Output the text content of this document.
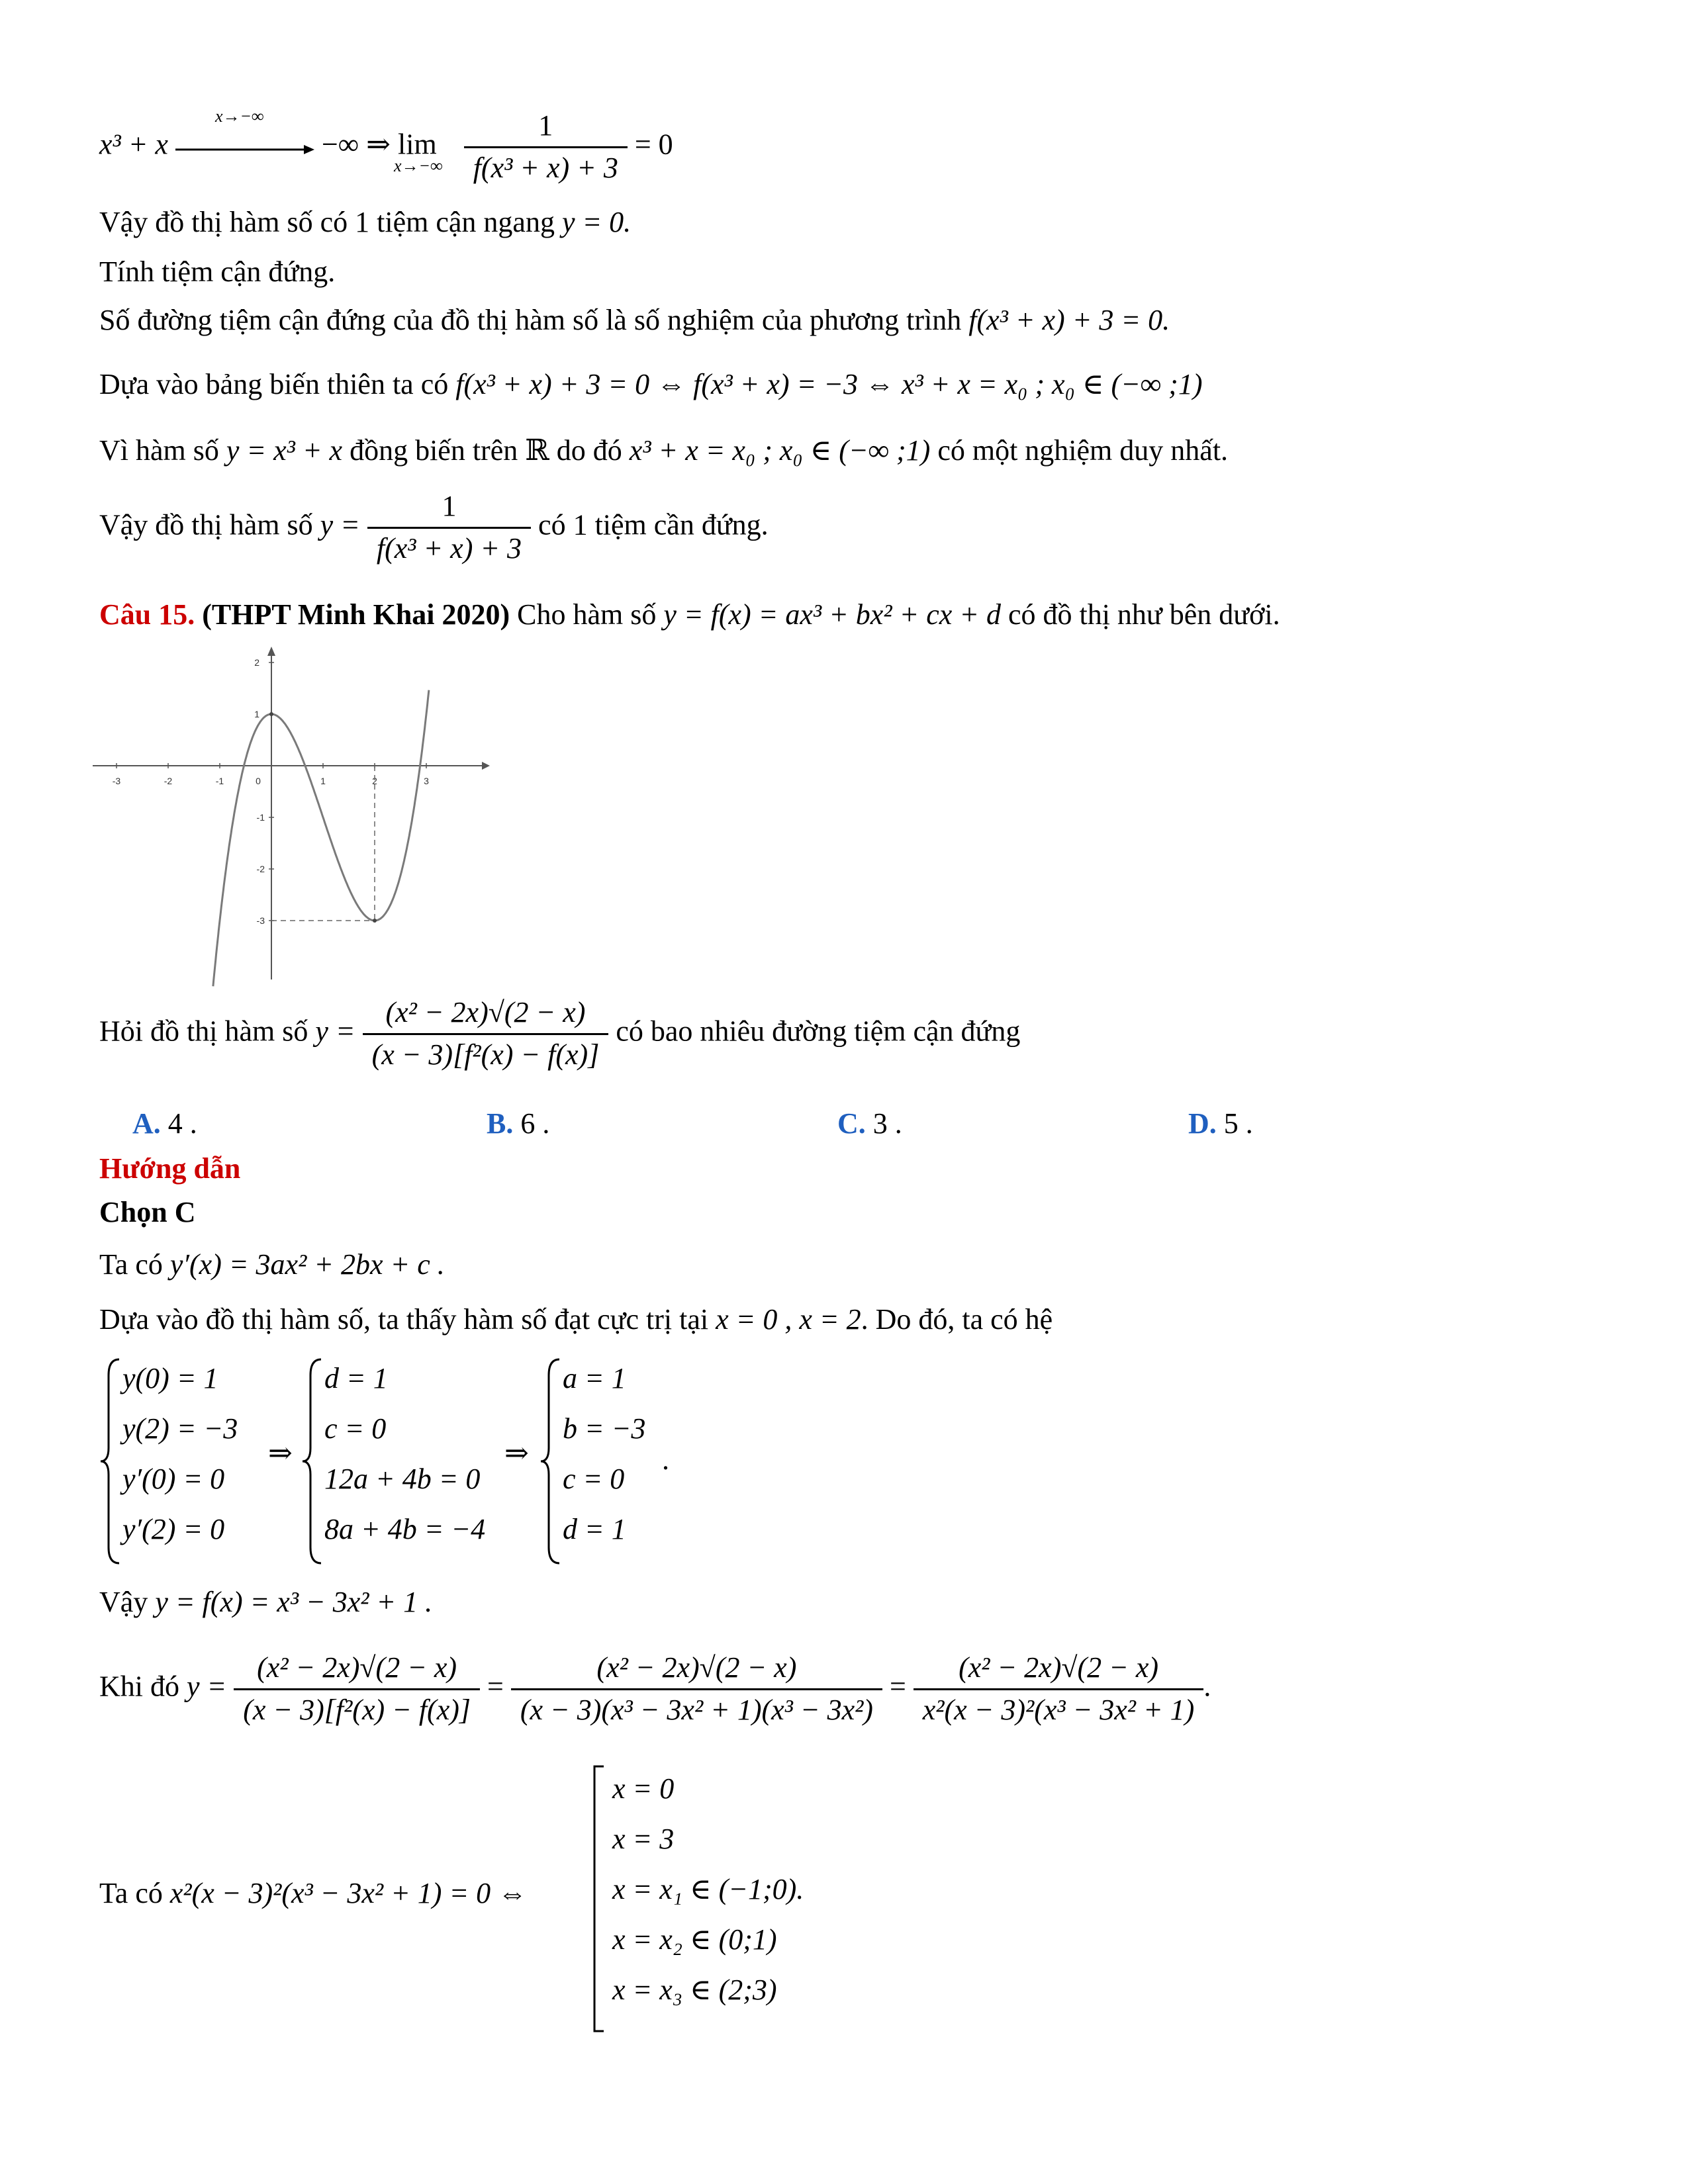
x³ + x
x→−∞
−∞ ⇒ $\lim \frac{1}{\text{f(x³ + x) + 3}} = 0$
x→−∞
Vậy đồ thị hàm số có 1 tiệm cận ngang y = 0.
Tính tiệm cận đứng.
Số đường tiệm cận đứng của đồ thị hàm số là số nghiệm của phương trình f(x³ + x) + 3 = 0.
Dựa vào bảng biến thiên ta có f(x³ + x) + 3 = 0 ⇔ f(x³ + x) = −3 ⇔ x³ + x = x₀ ; x₀ ∈ (−∞ ;1)
Vì hàm số y = x³ + x đồng biến trên ℝ do đó x³ + x = x₀ ; x₀ ∈ (−∞ ;1) có một nghiệm duy nhất.
Vậy đồ thị hàm số $y = \frac{1}{\text{f(x³ + x) + 3}}$ có 1 tiệm cần đứng.
Câu 15. (THPT Minh Khai 2020) Cho hàm số y = f(x) = ax³ + bx² + cx + d có đồ thị như bên dưới.
-3	-2	-1	0	1	2	3
2
1
-1
-2
-3
Hỏi đồ thị hàm số $y = \frac{\text{(x² − 2x)√(2 − x)}}{\text{(x − 3)[f²(x) − f(x)]}}$ có bao nhiêu đường tiệm cận đứng
A. 4 .	B. 6 .	C. 3 .	D. 5 .
Hướng dẫn
Chọn C
Ta có y′(x) = 3ax² + 2bx + c .
Dựa vào đồ thị hàm số, ta thấy hàm số đạt cực trị tại x = 0 , x = 2. Do đó, ta có hệ
y(0) = 1
y(2) = −3
y′(0) = 0
y′(2) = 0
⇒
d = 1
c = 0
12a + 4b = 0
8a + 4b = −4
⇒
a = 1
b = −3
c = 0
d = 1
.
Vậy y = f(x) = x³ − 3x² + 1 .
Khi đó $y = \frac{\text{(x² − 2x)√(2 − x)}}{\text{(x − 3)[f²(x) − f(x)]}} = \frac{\text{(x² − 2x)√(2 − x)}}{\text{(x − 3)(x³ − 3x² + 1)(x³ − 3x²)}} = \frac{\text{(x² − 2x)√(2 − x)}}{\text{x²(x − 3)²(x³ − 3x² + 1)}}$ .
Ta có x²(x − 3)²(x³ − 3x² + 1) = 0 ⇔
x = 0
x = 3
x = x₁ ∈ (−1;0).
x = x₂ ∈ (0;1)
x = x₃ ∈ (2;3)
